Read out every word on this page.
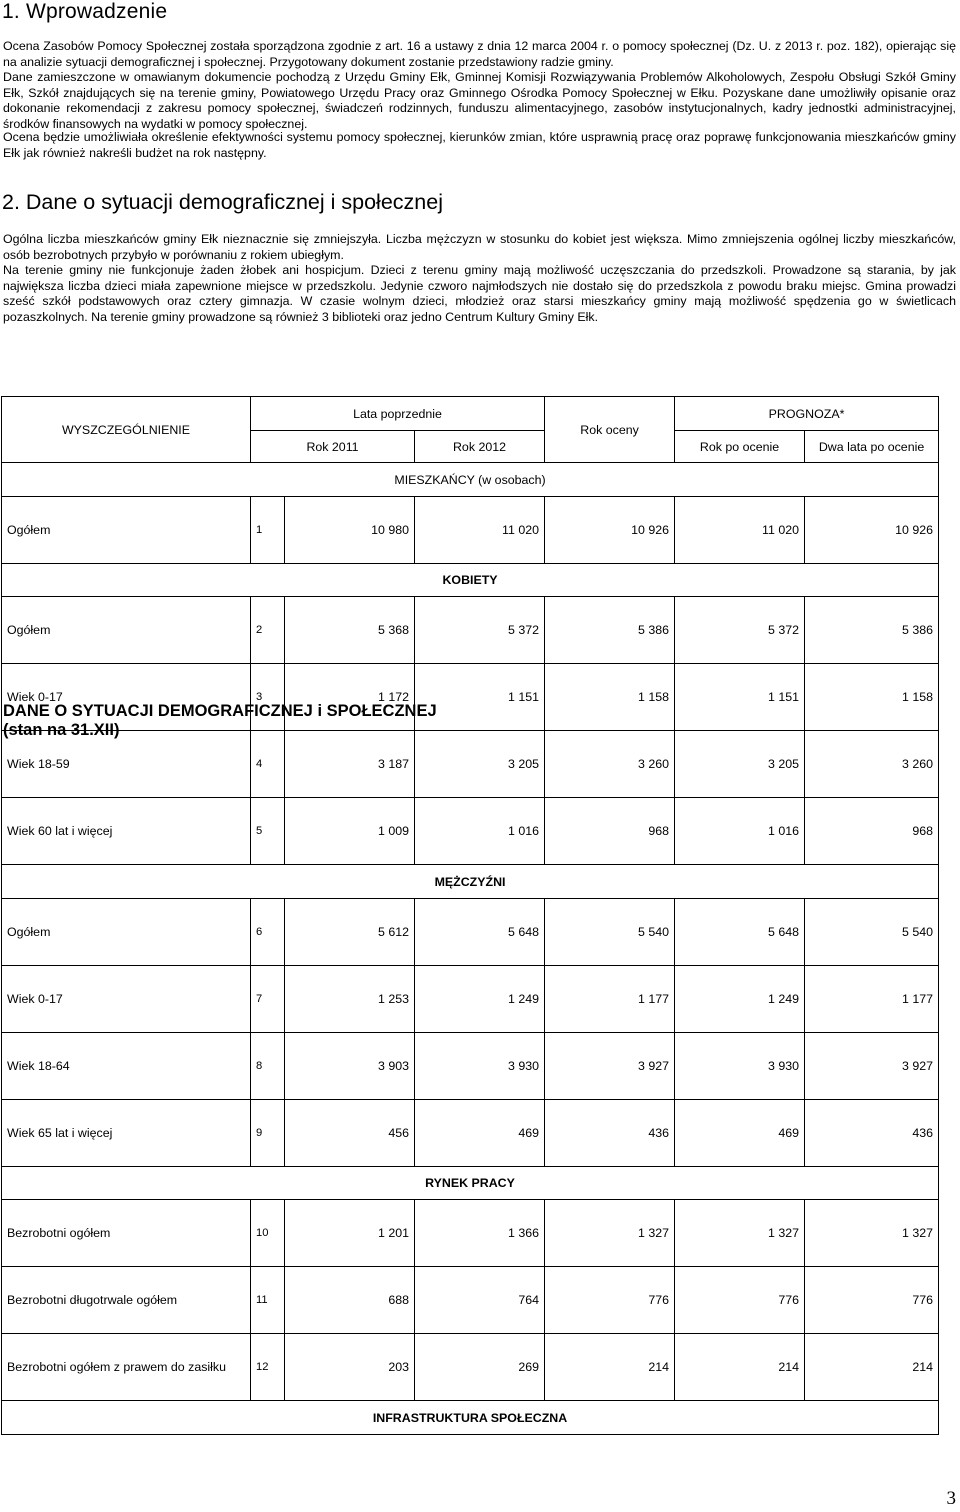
1. Wprowadzenie

Ocena Zasobów Pomocy Społecznej została sporządzona zgodnie z art. 16 a ustawy z dnia 12 marca 2004 r. o pomocy społecznej (Dz. U. z 2013 r. poz. 182), opierając się na analizie sytuacji demograficznej i społecznej. Przygotowany dokument zostanie przedstawiony radzie gminy.

Dane zamieszczone w omawianym dokumencie pochodzą z Urzędu Gminy Ełk, Gminnej Komisji Rozwiązywania Problemów Alkoholowych, Zespołu Obsługi Szkół Gminy Ełk, Szkół znajdujących się na terenie gminy, Powiatowego Urzędu Pracy oraz Gminnego Ośrodka Pomocy Społecznej w Ełku. Pozyskane dane umożliwiły opisanie oraz dokonanie rekomendacji z zakresu pomocy społecznej, świadczeń rodzinnych, funduszu alimentacyjnego, zasobów instytucjonalnych, kadry jednostki administracyjnej, środków finansowych na wydatki w pomocy społecznej.

Ocena będzie umożliwiała określenie efektywności systemu pomocy społecznej, kierunków zmian, które usprawnią pracę oraz poprawę funkcjonowania mieszkańców gminy Ełk jak również nakreśli budżet na rok następny.

2. Dane o sytuacji demograficznej i społecznej

Ogólna liczba mieszkańców gminy Ełk nieznacznie się zmniejszyła. Liczba mężczyzn w stosunku do kobiet jest większa. Mimo zmniejszenia ogólnej liczby mieszkańców, osób bezrobotnych przybyło w porównaniu z rokiem ubiegłym.

Na terenie gminy nie funkcjonuje żaden żłobek ani hospicjum. Dzieci z terenu gminy mają możliwość uczęszczania do przedszkoli. Prowadzone są starania, by jak największa liczba dzieci miała zapewnione miejsce w przedszkolu. Jedynie czworo najmłodszych nie dostało się do przedszkola z powodu braku miejsc. Gmina prowadzi sześć szkół podstawowych oraz cztery gimnazja. W czasie wolnym dzieci, młodzież oraz starsi mieszkańcy gminy mają możliwość spędzenia go w świetlicach pozaszkolnych. Na terenie gminy prowadzone są również 3 biblioteki oraz jedno Centrum Kultury Gminy Ełk.

DANE O SYTUACJI DEMOGRAFICZNEJ i SPOŁECZNEJ
(stan na 31.XII)
WYSZCZEGÓLNIENIE	Lata poprzednie			Rok oceny	PROGNOZA*	
	Rok 2011		Rok 2012		Rok po ocenie	Dwa lata po ocenie
MIESZKAŃCY (w osobach)						
Ogółem	1	10 980	11 020	10 926	11 020	10 926
KOBIETY						
Ogółem	2	5 368	5 372	5 386	5 372	5 386
Wiek 0-17	3	1 172	1 151	1 158	1 151	1 158
Wiek 18-59	4	3 187	3 205	3 260	3 205	3 260
Wiek 60 lat i więcej	5	1 009	1 016	968	1 016	968
MĘŻCZYŹNI						
Ogółem	6	5 612	5 648	5 540	5 648	5 540
Wiek 0-17	7	1 253	1 249	1 177	1 249	1 177
Wiek 18-64	8	3 903	3 930	3 927	3 930	3 927
Wiek 65 lat i więcej	9	456	469	436	469	436
RYNEK PRACY						
Bezrobotni ogółem	10	1 201	1 366	1 327	1 327	1 327
Bezrobotni długotrwale ogółem	11	688	764	776	776	776
Bezrobotni ogółem z prawem do zasiłku	12	203	269	214	214	214
INFRASTRUKTURA SPOŁECZNA						
3
